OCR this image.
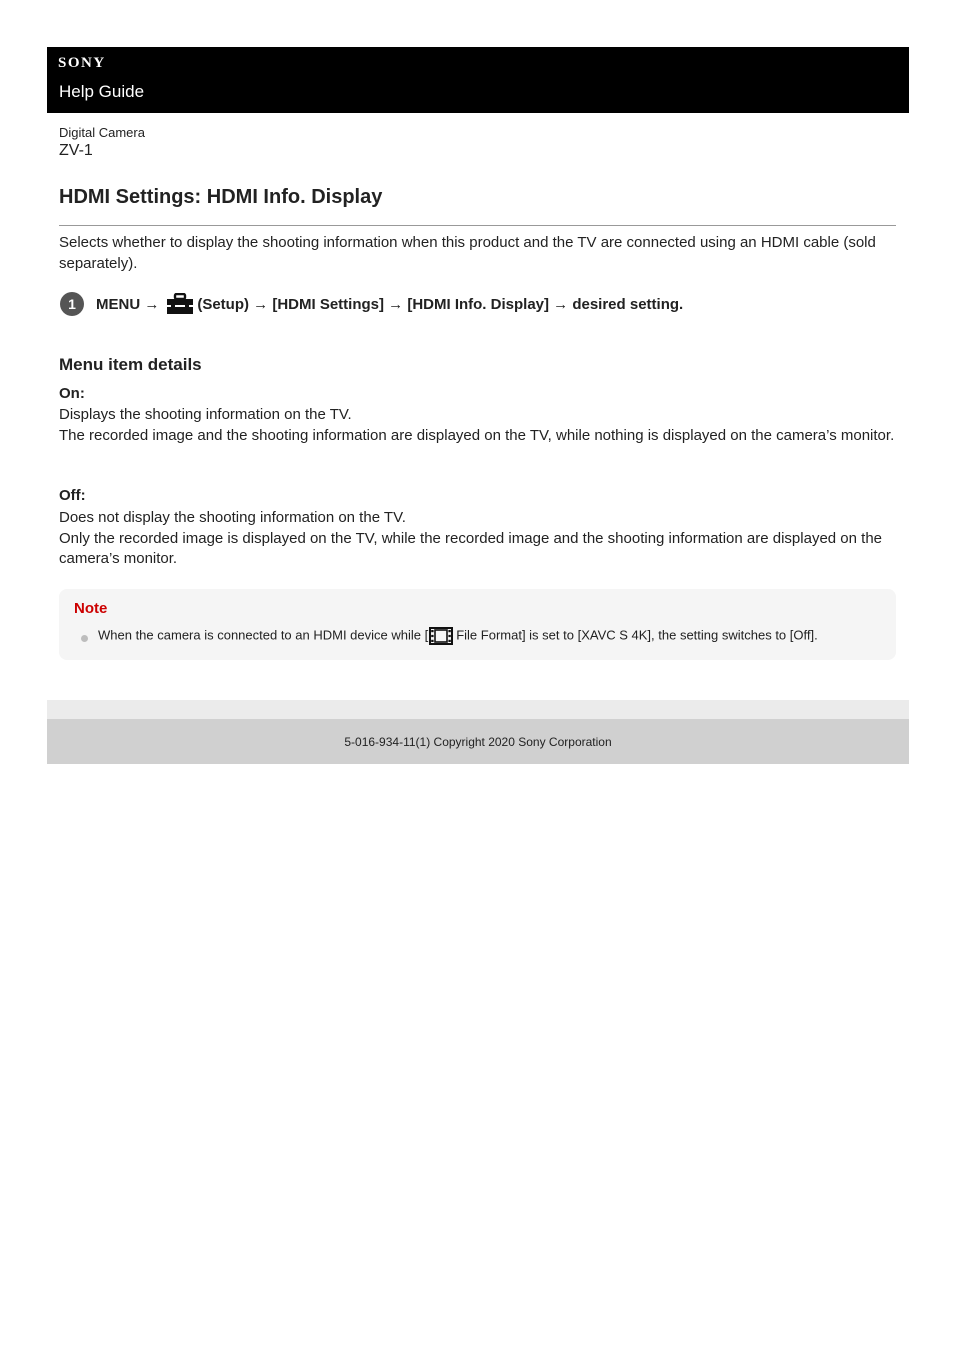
SONY
Help Guide
Digital Camera
ZV-1
HDMI Settings: HDMI Info. Display

Selects whether to display the shooting information when this product and the TV are connected using an HDMI cable (sold separately).

1	MENU →	(Setup) → [HDMI Settings] → [HDMI Info. Display] → desired setting.
Menu item details
On:
Displays the shooting information on the TV.
The recorded image and the shooting information are displayed on the TV, while nothing is displayed on the camera’s monitor.
Off:
Does not display the shooting information on the TV.
Only the recorded image is displayed on the TV, while the recorded image and the shooting information are displayed on the camera’s monitor.
Note
When the camera is connected to an HDMI device while [ File Format] is set to [XAVC S 4K], the setting switches to [Off].
5-016-934-11(1) Copyright 2020 Sony Corporation
